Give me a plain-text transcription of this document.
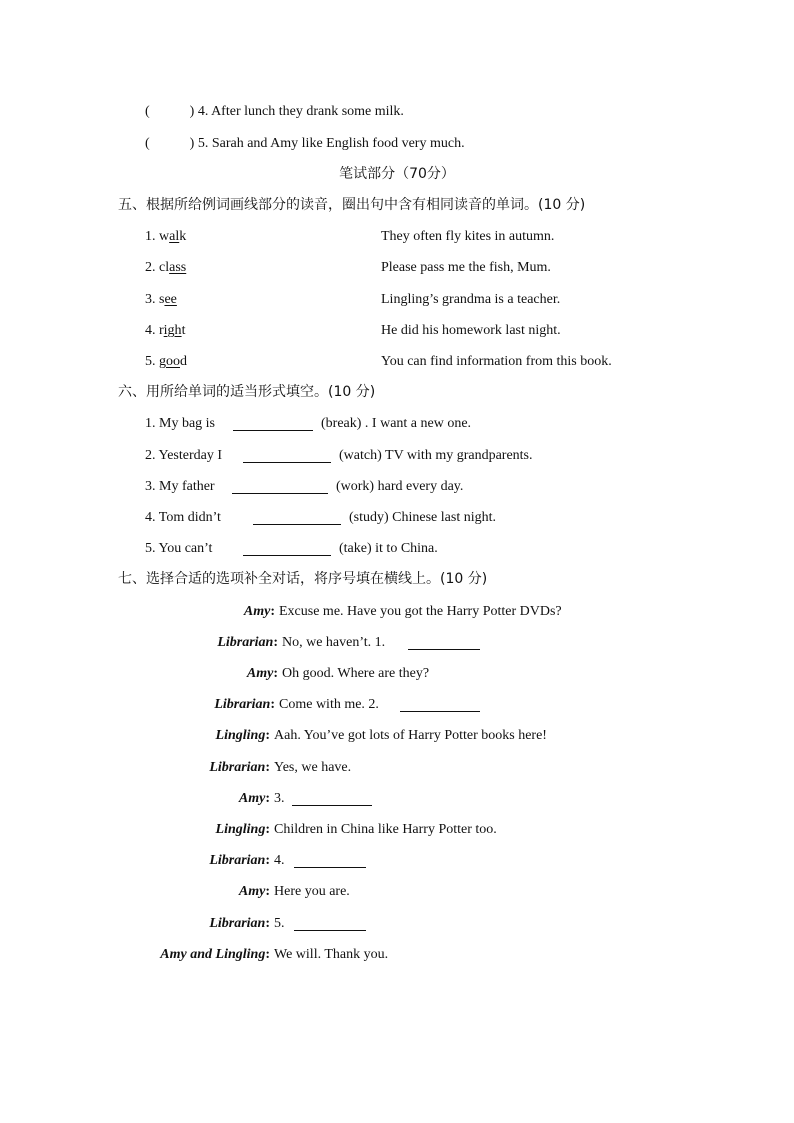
(	) 4. After lunch they drank some milk.
(	) 5. Sarah and Amy like English food very much.
笔试部分（70分）
五、根据所给例词画线部分的读音，圈出句中含有相同读音的单词。(10 分)
1. walk	They often fly kites in autumn.
2. class	Please pass me the fish, Mum.
3. see	Lingling’s grandma is a teacher.
4. right	He did his homework last night.
5. good	You can find information from this book.
六、用所给单词的适当形式填空。(10 分)
1. My bag is	(break) . I want a new one.
2. Yesterday I	(watch) TV with my grandparents.
3. My father	(work) hard every day.
4. Tom didn’t	(study) Chinese last night.
5. You can’t	(take) it to China.
七、选择合适的选项补全对话，将序号填在横线上。(10 分)
Amy: Excuse me. Have you got the Harry Potter DVDs?
Librarian: No, we haven’t. 1.
Amy: Oh good. Where are they?
Librarian: Come with me. 2.
Lingling: Aah. You’ve got lots of Harry Potter books here!
Librarian: Yes, we have.
Amy: 3.
Lingling: Children in China like Harry Potter too.
Librarian: 4.
Amy: Here you are.
Librarian: 5.
Amy and Lingling: We will. Thank you.
